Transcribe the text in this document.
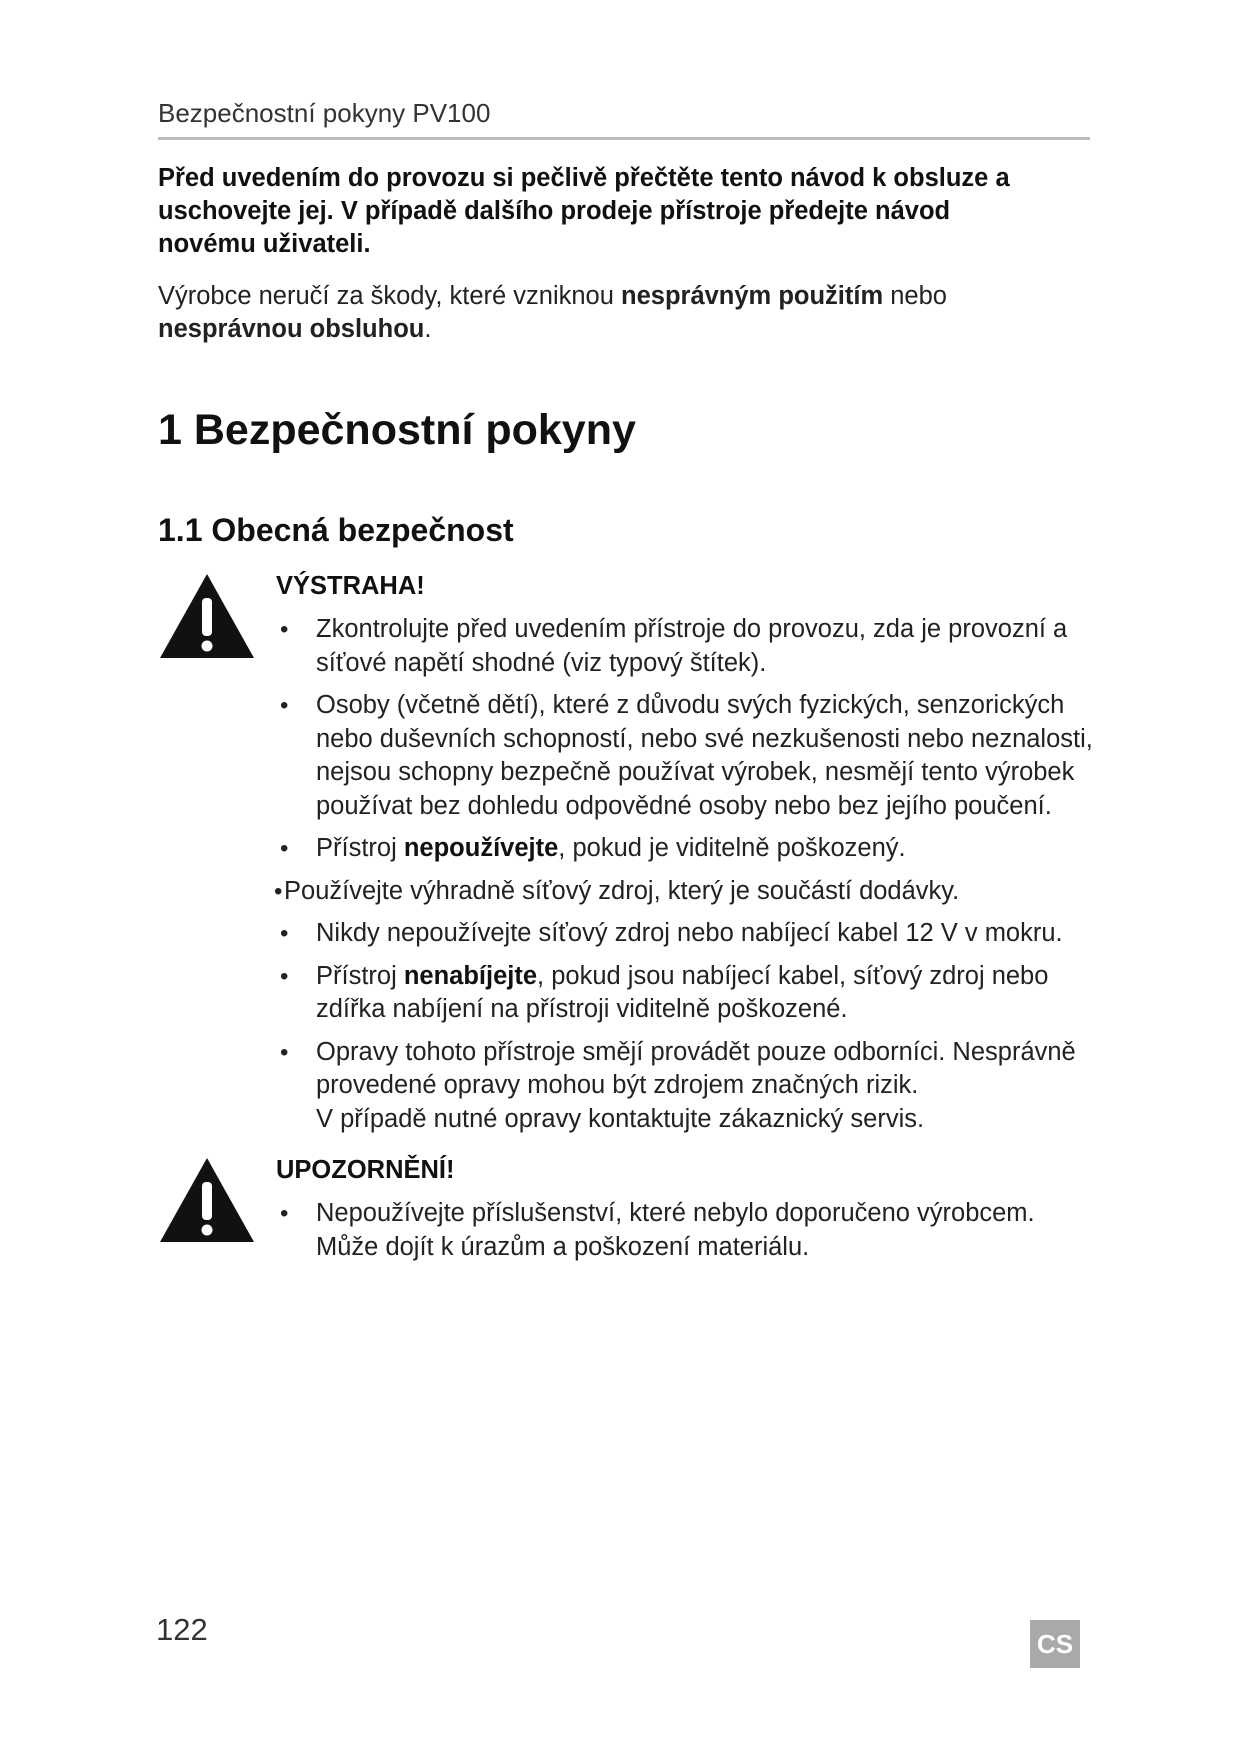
Bezpečnostní pokyny PV100

Před uvedením do provozu si pečlivě přečtěte tento návod k obsluze a

uschovejte jej. V případě dalšího prodeje přístroje předejte návod

novému uživateli.

Výrobce neručí za škody, které vzniknou nesprávným použitím nebo
nesprávnou obsluhou.
1 Bezpečnostní pokyny
1.1 Obecná bezpečnost

VÝSTRAHA!

• Zkontrolujte před uvedením přístroje do provozu, zda je provozní a
síťové napětí shodné (viz typový štítek).
• Osoby (včetně dětí), které z důvodu svých fyzických, senzorických
nebo duševních schopností, nebo své nezkušenosti nebo neznalosti,
nejsou schopny bezpečně používat výrobek, nesmějí tento výrobek
používat bez dohledu odpovědné osoby nebo bez jejího poučení.
• Přístroj nepoužívejte, pokud je viditelně poškozený.
• Používejte výhradně síťový zdroj, který je součástí dodávky.
• Nikdy nepoužívejte síťový zdroj nebo nabíjecí kabel 12 V v mokru.
• Přístroj nenabíjejte, pokud jsou nabíjecí kabel, síťový zdroj nebo
zdířka nabíjení na přístroji viditelně poškozené.
• Opravy tohoto přístroje smějí provádět pouze odborníci. Nesprávně
provedené opravy mohou být zdrojem značných rizik.
V případě nutné opravy kontaktujte zákaznický servis.

UPOZORNĚNÍ!

• Nepoužívejte příslušenství, které nebylo doporučeno výrobcem.
Může dojít k úrazům a poškození materiálu.
122	CS
